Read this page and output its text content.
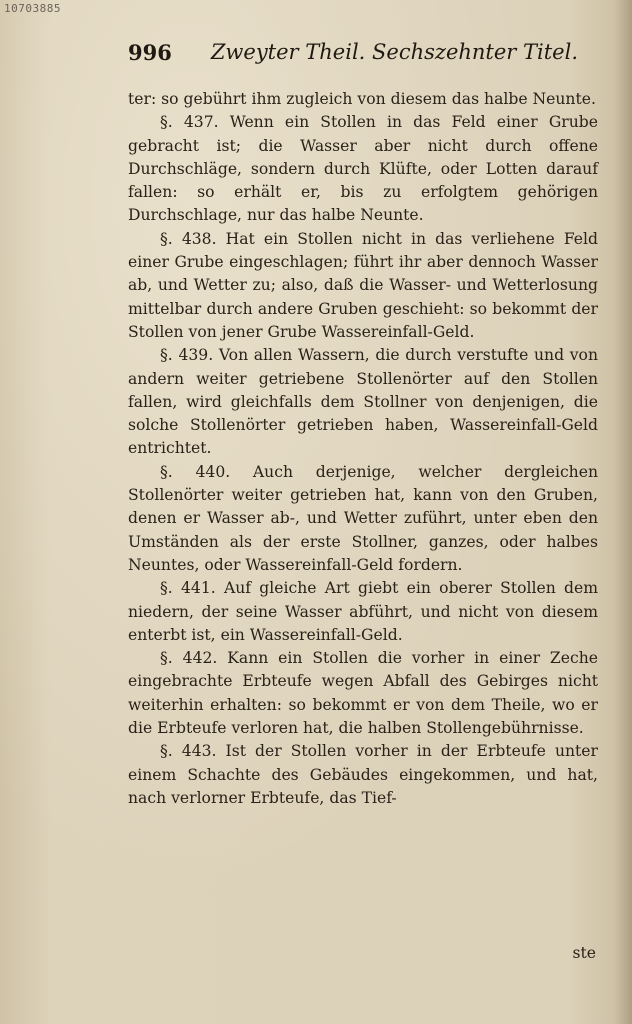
10703885
996 Zweyter Theil. Sechszehnter Titel.

ter: so gebührt ihm zugleich von diesem das halbe Neunte.

§. 437. Wenn ein Stollen in das Feld einer Grube gebracht ist; die Wasser aber nicht durch offene Durchschläge, sondern durch Klüfte, oder Lotten darauf fallen: so erhält er, bis zu erfolgtem gehörigen Durchschlage, nur das halbe Neunte.

§. 438. Hat ein Stollen nicht in das verliehene Feld einer Grube eingeschlagen; führt ihr aber dennoch Wasser ab, und Wetter zu; also, daß die Wasser- und Wetterlosung mittelbar durch andere Gruben geschieht: so bekommt der Stollen von jener Grube Wassereinfall-Geld.

§. 439. Von allen Wassern, die durch verstufte und von andern weiter getriebene Stollenörter auf den Stollen fallen, wird gleichfalls dem Stollner von denjenigen, die solche Stollenörter getrieben haben, Wassereinfall-Geld entrichtet.

§. 440. Auch derjenige, welcher dergleichen Stollenörter weiter getrieben hat, kann von den Gruben, denen er Wasser ab-, und Wetter zuführt, unter eben den Umständen als der erste Stollner, ganzes, oder halbes Neuntes, oder Wassereinfall-Geld fordern.

§. 441. Auf gleiche Art giebt ein oberer Stollen dem niedern, der seine Wasser abführt, und nicht von diesem enterbt ist, ein Wassereinfall-Geld.

§. 442. Kann ein Stollen die vorher in einer Zeche eingebrachte Erbteufe wegen Abfall des Gebirges nicht weiterhin erhalten: so bekommt er von dem Theile, wo er die Erbteufe verloren hat, die halben Stollengebührnisse.

§. 443. Ist der Stollen vorher in der Erbteufe unter einem Schachte des Gebäudes eingekommen, und hat, nach verlorner Erbteufe, das Tief-

ste
